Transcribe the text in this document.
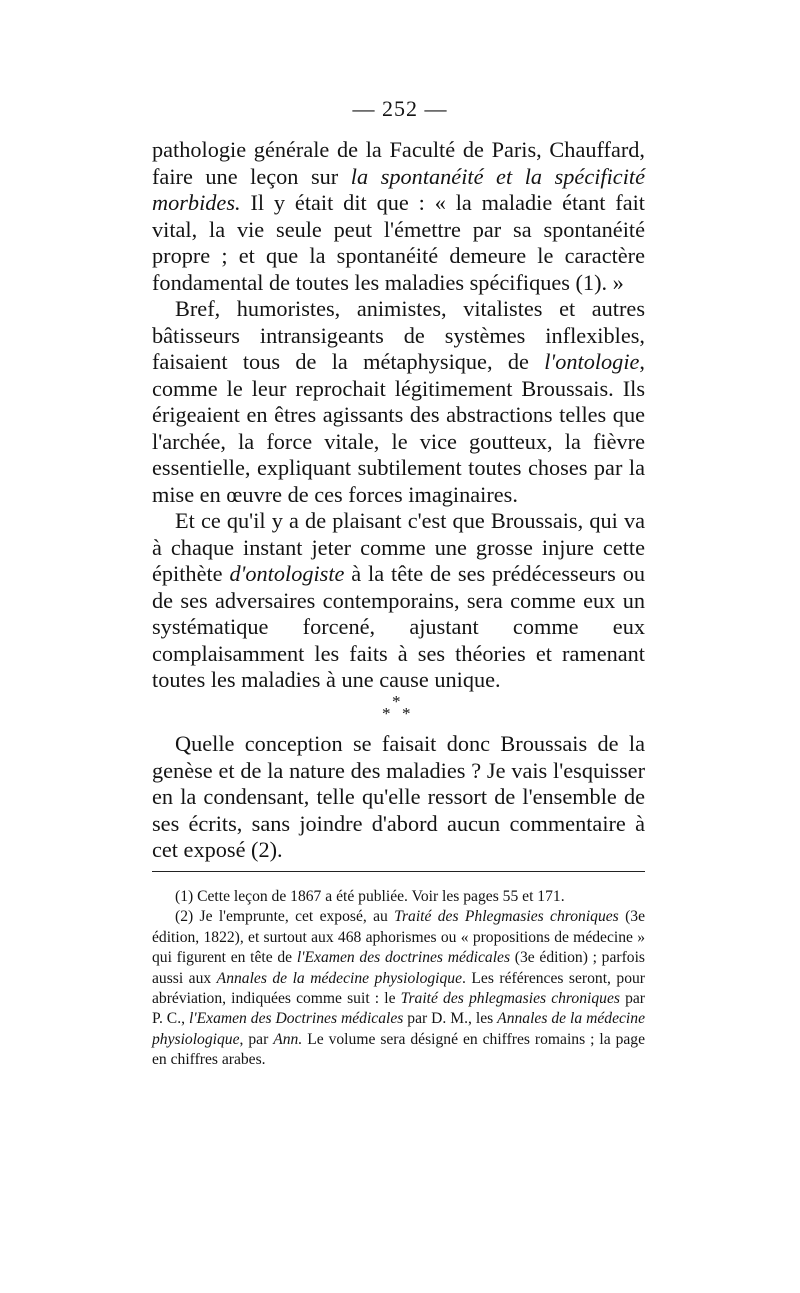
— 252 —

pathologie générale de la Faculté de Paris, Chauffard, faire une leçon sur la spontanéité et la spécificité morbides. Il y était dit que : « la maladie étant fait vital, la vie seule peut l'émettre par sa spontanéité propre ; et que la spontanéité demeure le caractère fondamental de toutes les maladies spécifiques (1). »

Bref, humoristes, animistes, vitalistes et autres bâtisseurs intransigeants de systèmes inflexibles, faisaient tous de la métaphysique, de l'ontologie, comme le leur reprochait légitimement Broussais. Ils érigeaient en êtres agissants des abstractions telles que l'archée, la force vitale, le vice goutteux, la fièvre essentielle, expliquant subtilement toutes choses par la mise en œuvre de ces forces imaginaires.

Et ce qu'il y a de plaisant c'est que Broussais, qui va à chaque instant jeter comme une grosse injure cette épithète d'ontologiste à la tête de ses prédécesseurs ou de ses adversaires contemporains, sera comme eux un systématique forcené, ajustant comme eux complaisamment les faits à ses théories et ramenant toutes les maladies à une cause unique.

*
* *

Quelle conception se faisait donc Broussais de la genèse et de la nature des maladies ? Je vais l'esquisser en la condensant, telle qu'elle ressort de l'ensemble de ses écrits, sans joindre d'abord aucun commentaire à cet exposé (2).

(1) Cette leçon de 1867 a été publiée. Voir les pages 55 et 171.

(2) Je l'emprunte, cet exposé, au Traité des Phlegmasies chroniques (3e édition, 1822), et surtout aux 468 aphorismes ou « propositions de médecine » qui figurent en tête de l'Examen des doctrines médicales (3e édition) ; parfois aussi aux Annales de la médecine physiologique. Les références seront, pour abréviation, indiquées comme suit : le Traité des phlegmasies chroniques par P. C., l'Examen des Doctrines médicales par D. M., les Annales de la médecine physiologique, par Ann. Le volume sera désigné en chiffres romains ; la page en chiffres arabes.
